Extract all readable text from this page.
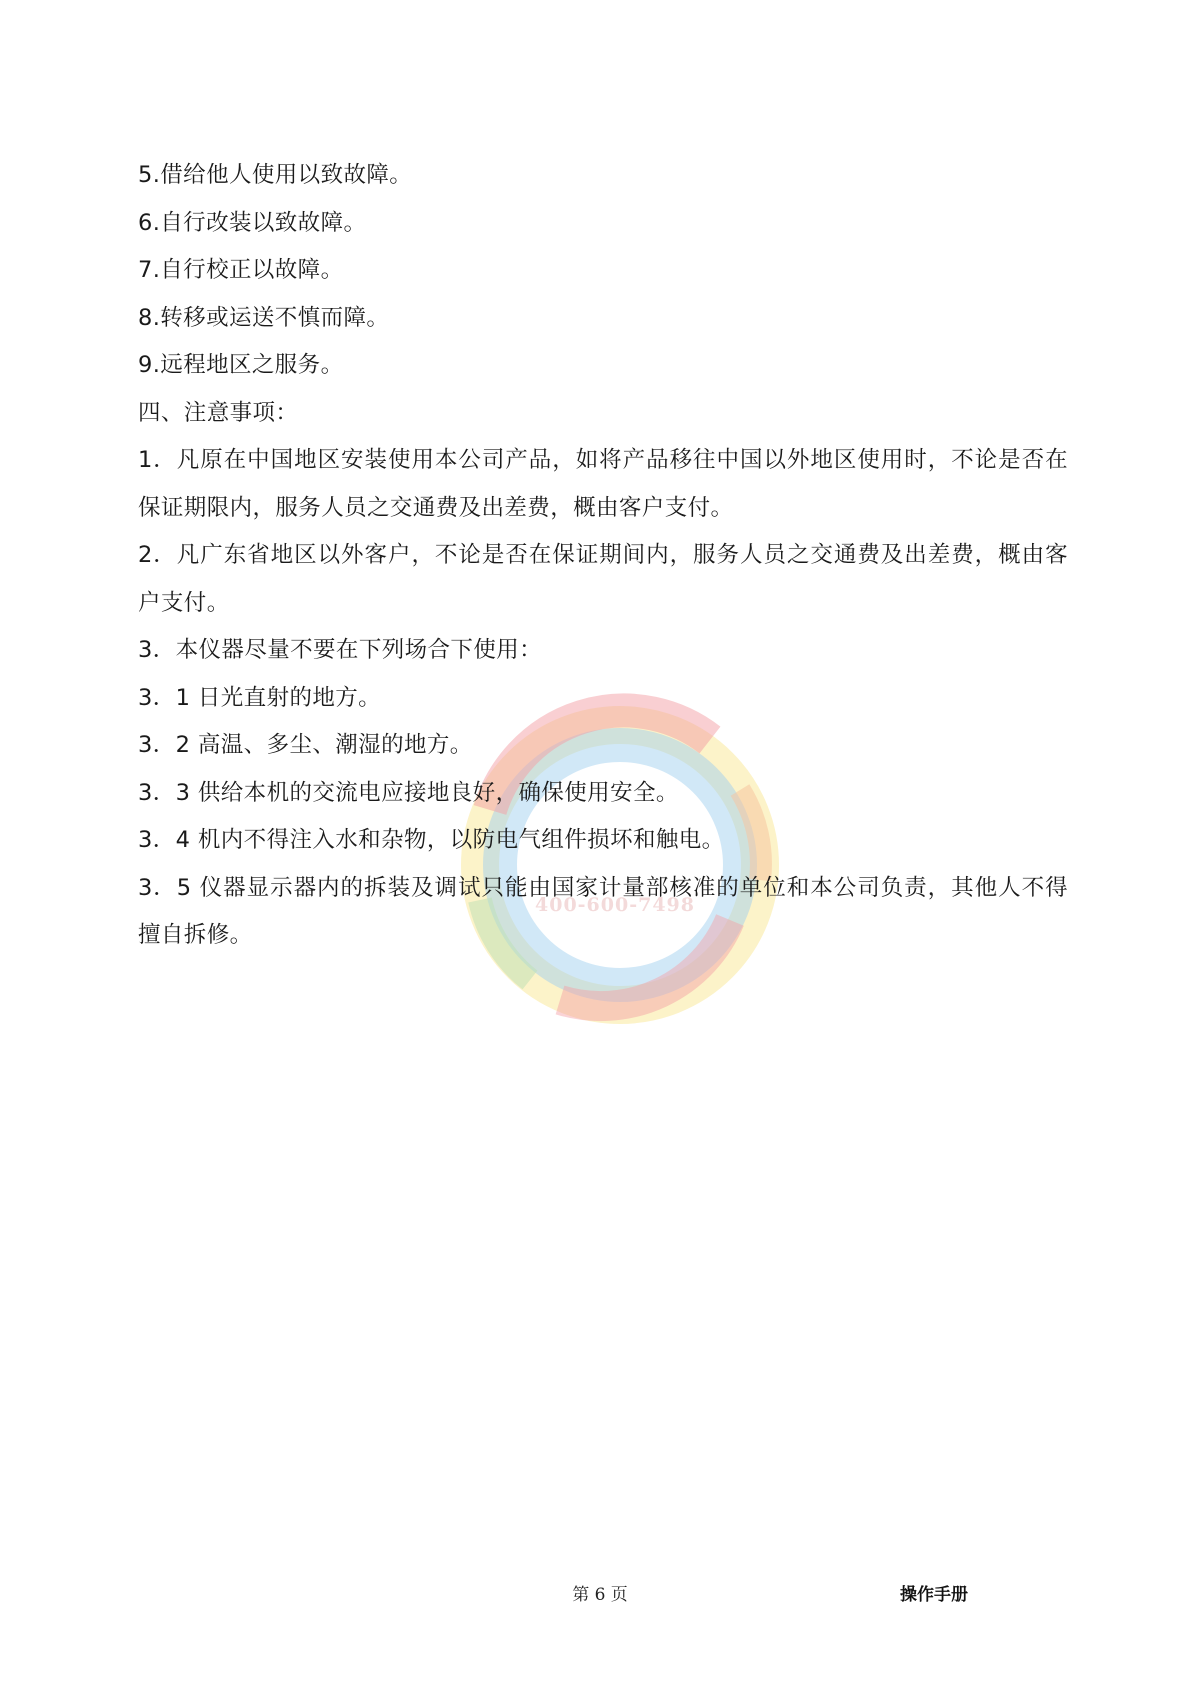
400-600-7498

5.借给他人使用以致故障。

6.自行改装以致故障。

7.自行校正以故障。

8.转移或运送不慎而障。

9.远程地区之服务。

四、注意事项：

1．凡原在中国地区安装使用本公司产品，如将产品移往中国以外地区使用时，不论是否在保证期限内，服务人员之交通费及出差费，概由客户支付。

2．凡广东省地区以外客户，不论是否在保证期间内，服务人员之交通费及出差费，概由客户支付。

3．本仪器尽量不要在下列场合下使用：

3．1 日光直射的地方。

3．2 高温、多尘、潮湿的地方。

3．3 供给本机的交流电应接地良好，确保使用安全。

3．4 机内不得注入水和杂物，以防电气组件损坏和触电。

3．5 仪器显示器内的拆装及调试只能由国家计量部核准的单位和本公司负责，其他人不得擅自拆修。

第 6 页	操作手册
